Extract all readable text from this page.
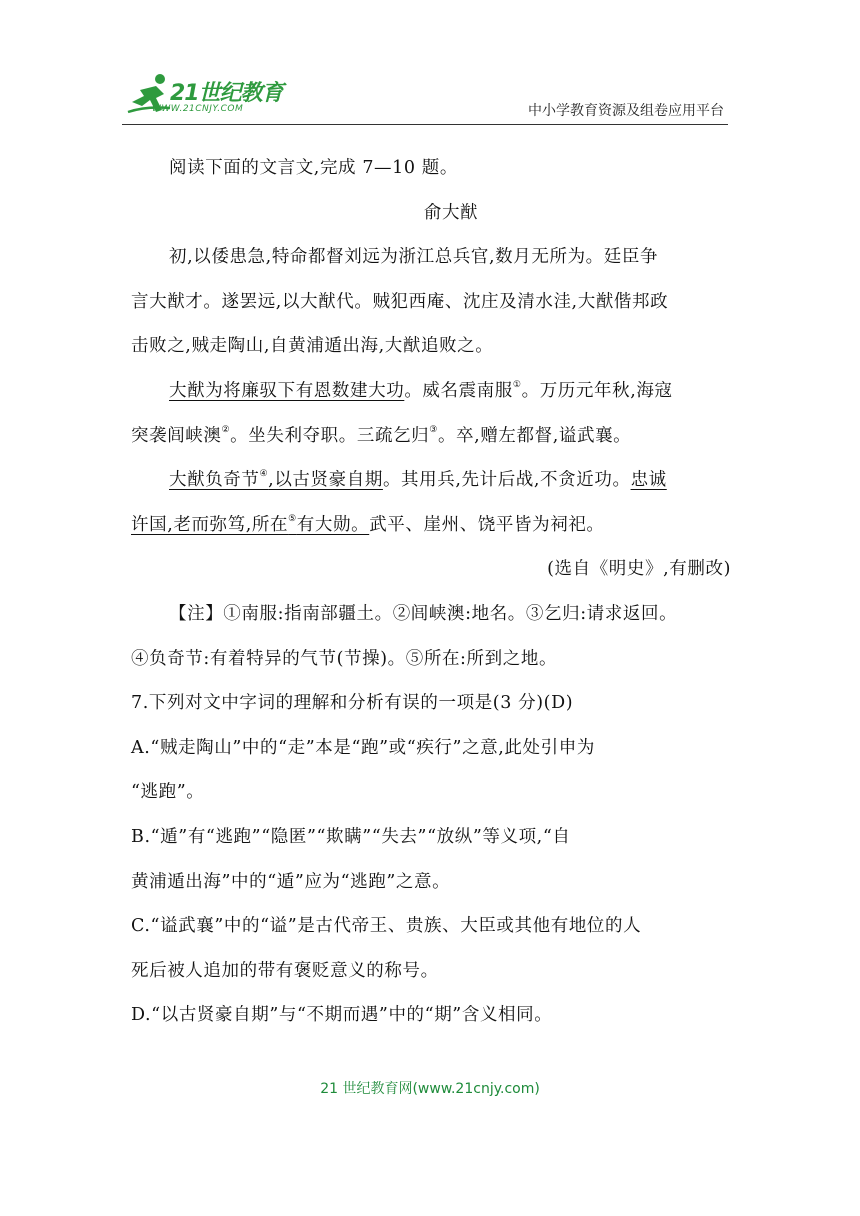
21世纪教育
WWW.21CNJY.COM	中小学教育资源及组卷应用平台
阅读下面的文言文,完成 7—10 题。
俞大猷
初,以倭患急,特命都督刘远为浙江总兵官,数月无所为。廷臣争
言大猷才。遂罢远,以大猷代。贼犯西庵、沈庄及清水洼,大猷偕邦政
击败之,贼走陶山,自黄浦遁出海,大猷追败之。
大猷为将廉驭下有恩数建大功。威名震南服①。万历元年秋,海寇
突袭闾峡澳②。坐失利夺职。三疏乞归③。卒,赠左都督,谥武襄。
大猷负奇节④,以古贤豪自期。其用兵,先计后战,不贪近功。忠诚
许国,老而弥笃,所在⑤有大勋。武平、崖州、饶平皆为祠祀。
(选自《明史》,有删改)
【注】①南服:指南部疆土。②闾峡澳:地名。③乞归:请求返回。
④负奇节:有着特异的气节(节操)。⑤所在:所到之地。
7.下列对文中字词的理解和分析有误的一项是(3 分)(D)
A.“贼走陶山”中的“走”本是“跑”或“疾行”之意,此处引申为
“逃跑”。
B.“遁”有“逃跑”“隐匿”“欺瞒”“失去”“放纵”等义项,“自
黄浦遁出海”中的“遁”应为“逃跑”之意。
C.“谥武襄”中的“谥”是古代帝王、贵族、大臣或其他有地位的人
死后被人追加的带有褒贬意义的称号。
D.“以古贤豪自期”与“不期而遇”中的“期”含义相同。
21 世纪教育网(www.21cnjy.com)
